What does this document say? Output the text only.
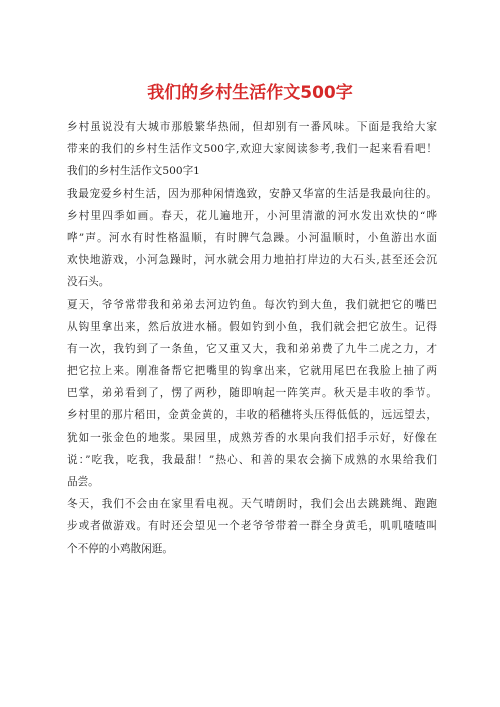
我们的乡村生活作文500字
乡村虽说没有大城市那般繁华热闹，但却别有一番风味。下面是我给大家
带来的我们的乡村生活作文500字,欢迎大家阅读参考,我们一起来看看吧！
我们的乡村生活作文500字1
我最宠爱乡村生活，因为那种闲情逸致，安静又华富的生活是我最向往的。
乡村里四季如画。春天，花儿遍地开，小河里清澈的河水发出欢快的“哗
哗”声。河水有时性格温顺，有时脾气急躁。小河温顺时，小鱼游出水面
欢快地游戏，小河急躁时，河水就会用力地拍打岸边的大石头,甚至还会沉
没石头。
夏天，爷爷常带我和弟弟去河边钓鱼。每次钓到大鱼，我们就把它的嘴巴
从钩里拿出来，然后放进水桶。假如钓到小鱼，我们就会把它放生。记得
有一次，我钓到了一条鱼，它又重又大，我和弟弟费了九牛二虎之力，才
把它拉上来。刚准备帮它把嘴里的钩拿出来，它就用尾巴在我脸上抽了两
巴掌，弟弟看到了，愣了两秒，随即响起一阵笑声。秋天是丰收的季节。
乡村里的那片稻田，金黄金黄的，丰收的稻穗将头压得低低的，远远望去，
犹如一张金色的地浆。果园里，成熟芳香的水果向我们招手示好，好像在
说：”吃我，吃我，我最甜！”热心、和善的果农会摘下成熟的水果给我们
品尝。
冬天，我们不会由在家里看电视。天气晴朗时，我们会出去跳跳绳、跑跑
步或者做游戏。有时还会望见一个老爷爷带着一群全身黄毛，叽叽喳喳叫
个不停的小鸡散闲逛。
